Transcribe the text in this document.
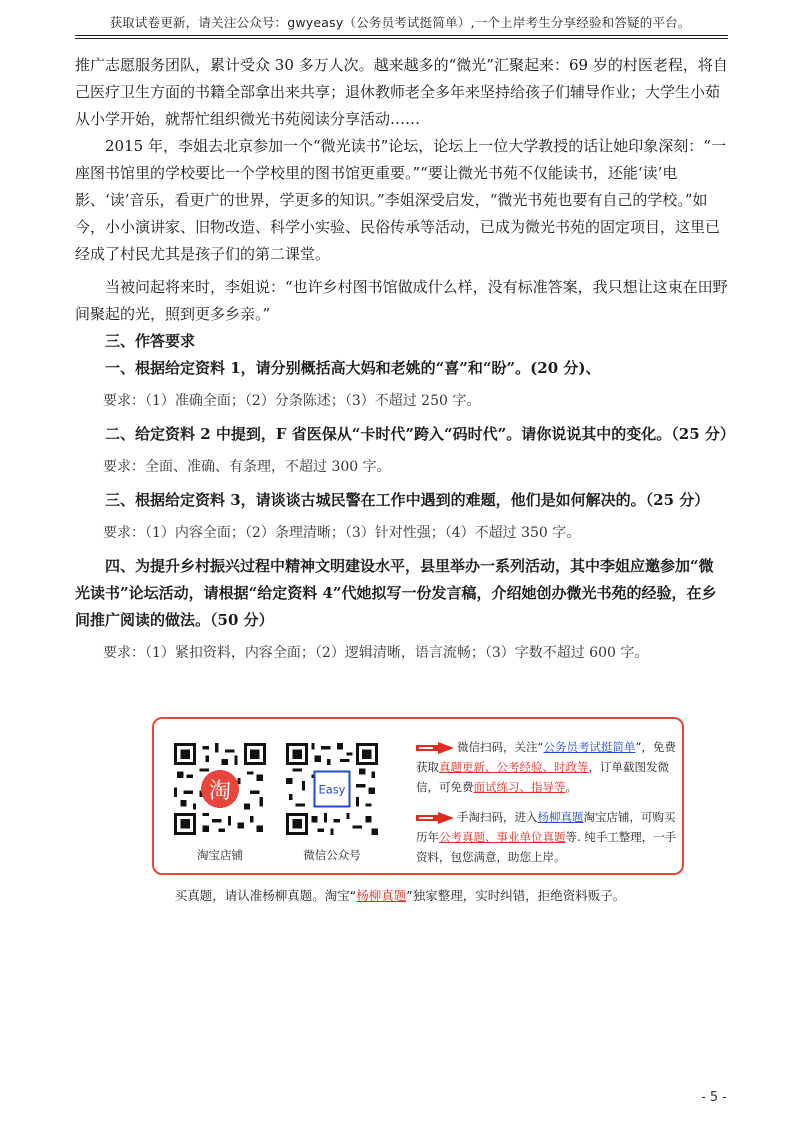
获取试卷更新，请关注公众号：gwyeasy（公务员考试挺简单）,一个上岸考生分享经验和答疑的平台。

推广志愿服务团队，累计受众 30 多万人次。越来越多的“微光”汇聚起来：69 岁的村医老程，将自己医疗卫生方面的书籍全部拿出来共享；退休教师老全多年来坚持给孩子们辅导作业；大学生小茹从小学开始，就帮忙组织微光书苑阅读分享活动……

2015 年，李姐去北京参加一个“微光读书”论坛，论坛上一位大学教授的话让她印象深刻：“一座图书馆里的学校要比一个学校里的图书馆更重要。”“要让微光书苑不仅能读书，还能‘读’电影、‘读’音乐，看更广的世界，学更多的知识。”李姐深受启发，“微光书苑也要有自己的学校。”如今，小小演讲家、旧物改造、科学小实验、民俗传承等活动，已成为微光书苑的固定项目，这里已经成了村民尤其是孩子们的第二课堂。

当被问起将来时，李姐说：“也许乡村图书馆做成什么样，没有标准答案，我只想让这束在田野间聚起的光，照到更多乡亲。”

三、作答要求

一、根据给定资料 1，请分别概括高大妈和老姚的“喜”和“盼”。(20 分)、

要求：（1）准确全面；（2）分条陈述；（3）不超过 250 字。

二、给定资料 2 中提到，F 省医保从“卡时代”跨入“码时代”。请你说说其中的变化。（25 分）

要求：全面、准确、有条理，不超过 300 字。

三、根据给定资料 3，请谈谈古城民警在工作中遇到的难题，他们是如何解决的。（25 分）

要求：（1）内容全面；（2）条理清晰；（3）针对性强；（4）不超过 350 字。

四、为提升乡村振兴过程中精神文明建设水平，县里举办一系列活动，其中李姐应邀参加“微光读书”论坛活动，请根据“给定资料 4”代她拟写一份发言稿，介绍她创办微光书苑的经验，在乡间推广阅读的做法。（50 分）

要求：（1）紧扣资料，内容全面；（2）逻辑清晰，语言流畅；（3）字数不超过 600 字。

淘
淘宝店铺
Easy
微信公众号
微信扫码，关注“公务员考试挺简单”，免费获取真题更新、公考经验、时政等，订单截图发微信，可免费面试练习、指导等。
手淘扫码，进入杨柳真题淘宝店铺，可购买历年公考真题、事业单位真题等. 纯手工整理，一手资料，包您满意，助您上岸。
买真题，请认准杨柳真题。淘宝“杨柳真题”独家整理，实时纠错，拒绝资料贩子。
- 5 -
